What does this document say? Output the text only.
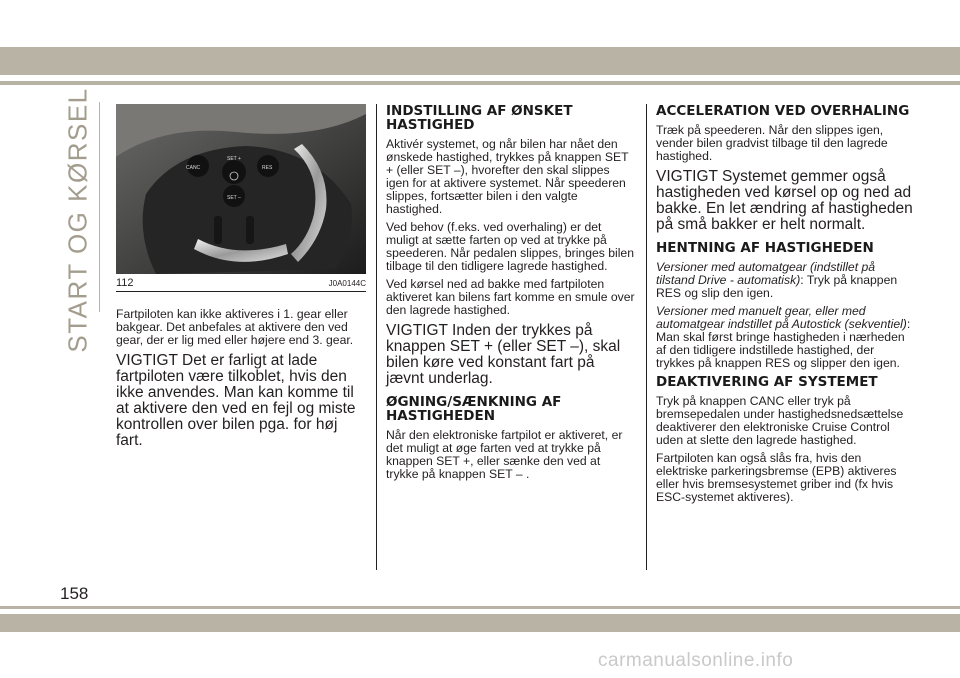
START OG KØRSEL	CANC	RES
SET +
SET –
112	J0A0144C

Fartpiloten kan ikke aktiveres i 1. gear eller bakgear. Det anbefales at aktivere den ved gear, der er lig med eller højere end 3. gear.

VIGTIGT Det er farligt at lade fartpiloten være tilkoblet, hvis den ikke anvendes. Man kan komme til at aktivere den ved en fejl og miste kontrollen over bilen pga. for høj fart.

INDSTILLING AF ØNSKET HASTIGHED

Aktivér systemet, og når bilen har nået den ønskede hastighed, trykkes på knappen SET + (eller SET –), hvorefter den skal slippes igen for at aktivere systemet. Når speederen slippes, fortsætter bilen i den valgte hastighed.

Ved behov (f.eks. ved overhaling) er det muligt at sætte farten op ved at trykke på speederen. Når pedalen slippes, bringes bilen tilbage til den tidligere lagrede hastighed.

Ved kørsel ned ad bakke med fartpiloten aktiveret kan bilens fart komme en smule over den lagrede hastighed.

VIGTIGT Inden der trykkes på knappen SET + (eller SET –), skal bilen køre ved konstant fart på jævnt underlag.

ØGNING/SÆNKNING AF HASTIGHEDEN

Når den elektroniske fartpilot er aktiveret, er det muligt at øge farten ved at trykke på knappen SET +, eller sænke den ved at trykke på knappen SET – .

ACCELERATION VED OVERHALING

Træk på speederen. Når den slippes igen, vender bilen gradvist tilbage til den lagrede hastighed.

VIGTIGT Systemet gemmer også hastigheden ved kørsel op og ned ad bakke. En let ændring af hastigheden på små bakker er helt normalt.

HENTNING AF HASTIGHEDEN

Versioner med automatgear (indstillet på tilstand Drive - automatisk): Tryk på knappen RES og slip den igen.

Versioner med manuelt gear, eller med automatgear indstillet på Autostick (sekventiel): Man skal først bringe hastigheden i nærheden af den tidligere indstillede hastighed, der trykkes på knappen RES og slipper den igen.

DEAKTIVERING AF SYSTEMET

Tryk på knappen CANC eller tryk på bremsepedalen under hastighedsnedsættelse deaktiverer den elektroniske Cruise Control uden at slette den lagrede hastighed.

Fartpiloten kan også slås fra, hvis den elektriske parkeringsbremse (EPB) aktiveres eller hvis bremsesystemet griber ind (fx hvis ESC-systemet aktiveres).

158
carmanualsonline.info
